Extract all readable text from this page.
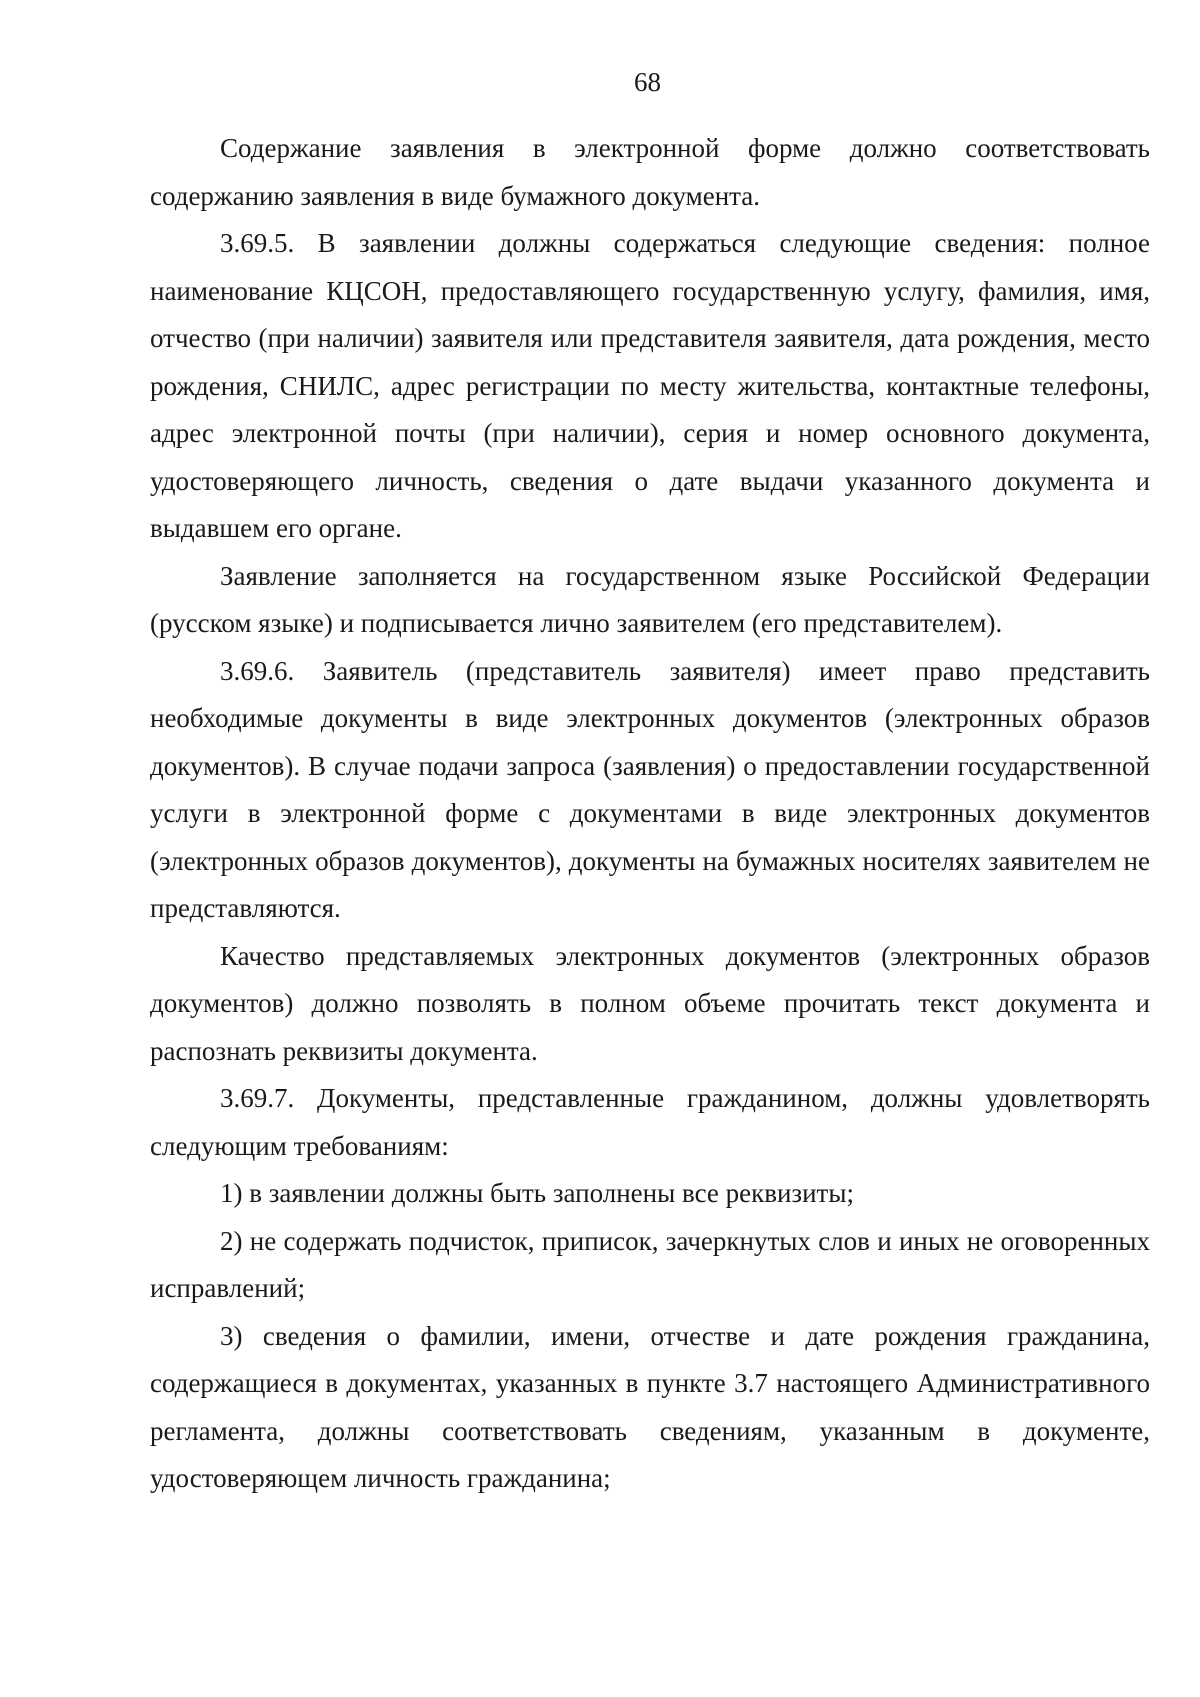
68

Содержание заявления в электронной форме должно соответствовать содержанию заявления в виде бумажного документа.

3.69.5. В заявлении должны содержаться следующие сведения: полное наименование КЦСОН, предоставляющего государственную услугу, фамилия, имя, отчество (при наличии) заявителя или представителя заявителя, дата рождения, место рождения, СНИЛС, адрес регистрации по месту жительства, контактные телефоны, адрес электронной почты (при наличии), серия и номер основного документа, удостоверяющего личность, сведения о дате выдачи указанного документа и выдавшем его органе.

Заявление заполняется на государственном языке Российской Федерации (русском языке) и подписывается лично заявителем (его представителем).

3.69.6. Заявитель (представитель заявителя) имеет право представить необходимые документы в виде электронных документов (электронных образов документов). В случае подачи запроса (заявления) о предоставлении государственной услуги в электронной форме с документами в виде электронных документов (электронных образов документов), документы на бумажных носителях заявителем не представляются.

Качество представляемых электронных документов (электронных образов документов) должно позволять в полном объеме прочитать текст документа и распознать реквизиты документа.

3.69.7. Документы, представленные гражданином, должны удовлетворять следующим требованиям:

1) в заявлении должны быть заполнены все реквизиты;

2) не содержать подчисток, приписок, зачеркнутых слов и иных не оговоренных исправлений;

3) сведения о фамилии, имени, отчестве и дате рождения гражданина, содержащиеся в документах, указанных в пункте 3.7 настоящего Административного регламента, должны соответствовать сведениям, указанным в документе, удостоверяющем личность гражданина;
